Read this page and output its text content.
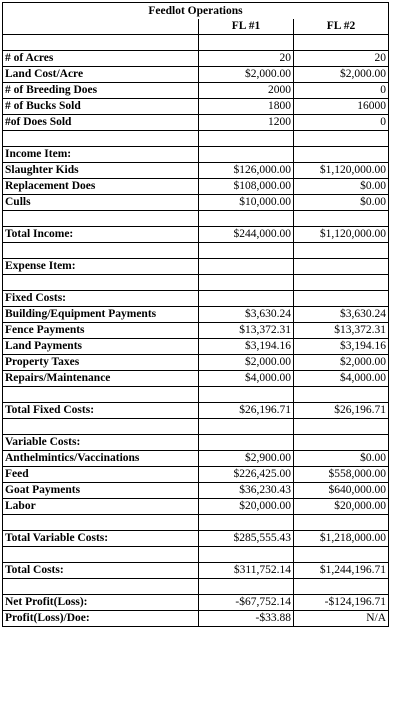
Feedlot Operations		
	FL #1	FL #2

# of Acres	20	20
Land Cost/Acre	$2,000.00	$2,000.00
# of Breeding Does	2000	0
# of Bucks Sold	1800	16000
#of Does Sold	1200	0

Income Item:		
Slaughter Kids	$126,000.00	$1,120,000.00
Replacement Does	$108,000.00	$0.00
Culls	$10,000.00	$0.00

Total Income:	$244,000.00	$1,120,000.00

Expense Item:		

Fixed Costs:		
Building/Equipment Payments	$3,630.24	$3,630.24
Fence Payments	$13,372.31	$13,372.31
Land Payments	$3,194.16	$3,194.16
Property Taxes	$2,000.00	$2,000.00
Repairs/Maintenance	$4,000.00	$4,000.00

Total Fixed Costs:	$26,196.71	$26,196.71

Variable Costs:		
Anthelmintics/Vaccinations	$2,900.00	$0.00
Feed	$226,425.00	$558,000.00
Goat Payments	$36,230.43	$640,000.00
Labor	$20,000.00	$20,000.00

Total Variable Costs:	$285,555.43	$1,218,000.00

Total Costs:	$311,752.14	$1,244,196.71

Net Profit(Loss):	-$67,752.14	-$124,196.71
Profit(Loss)/Doe:	-$33.88	N/A
